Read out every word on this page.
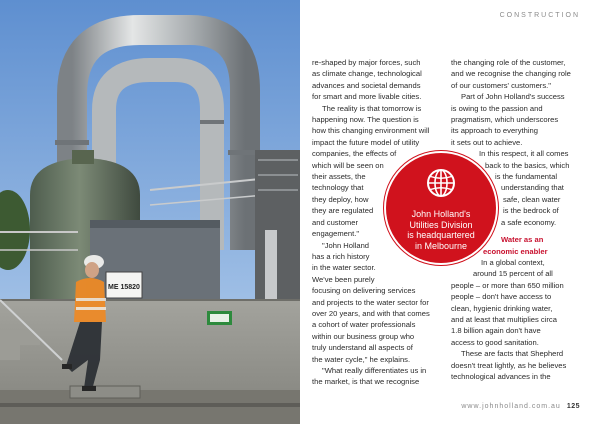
ME 15820
CONSTRUCTION

re-shaped by major forces, such

as climate change, technological

advances and societal demands

for smart and more livable cities.

The reality is that tomorrow is

happening now. The question is

how this changing environment will

impact the future model of utility

companies, the effects of

which will be seen on

their assets, the

technology that

they deploy, how

they are regulated

and customer

engagement."

"John Holland

has a rich history

in the water sector.

We've been purely

focusing on delivering services

and projects to the water sector for

over 20 years, and with that comes

a cohort of water professionals

within our business group who

truly understand all aspects of

the water cycle," he explains.

"What really differentiates us in

the market, is that we recognise

the changing role of the customer,

and we recognise the changing role

of our customers' customers."

Part of John Holland's success

is owing to the passion and

pragmatism, which underscores

its approach to everything

it sets out to achieve.

In this respect, it all comes

back to the basics, which

is the fundamental

understanding that

safe, clean water

is the bedrock of

a safe economy.

Water as an

economic enabler

In a global context,

around 15 percent of all

people – or more than 650 million

people – don't have access to

clean, hygienic drinking water,

and at least that multiplies circa

1.8 billion again don't have

access to good sanitation.

These are facts that Shepherd

doesn't treat lightly, as he believes

technological advances in the

John Holland's
Utilities Division
is headquartered
in Melbourne
www.johnholland.com.au 125
